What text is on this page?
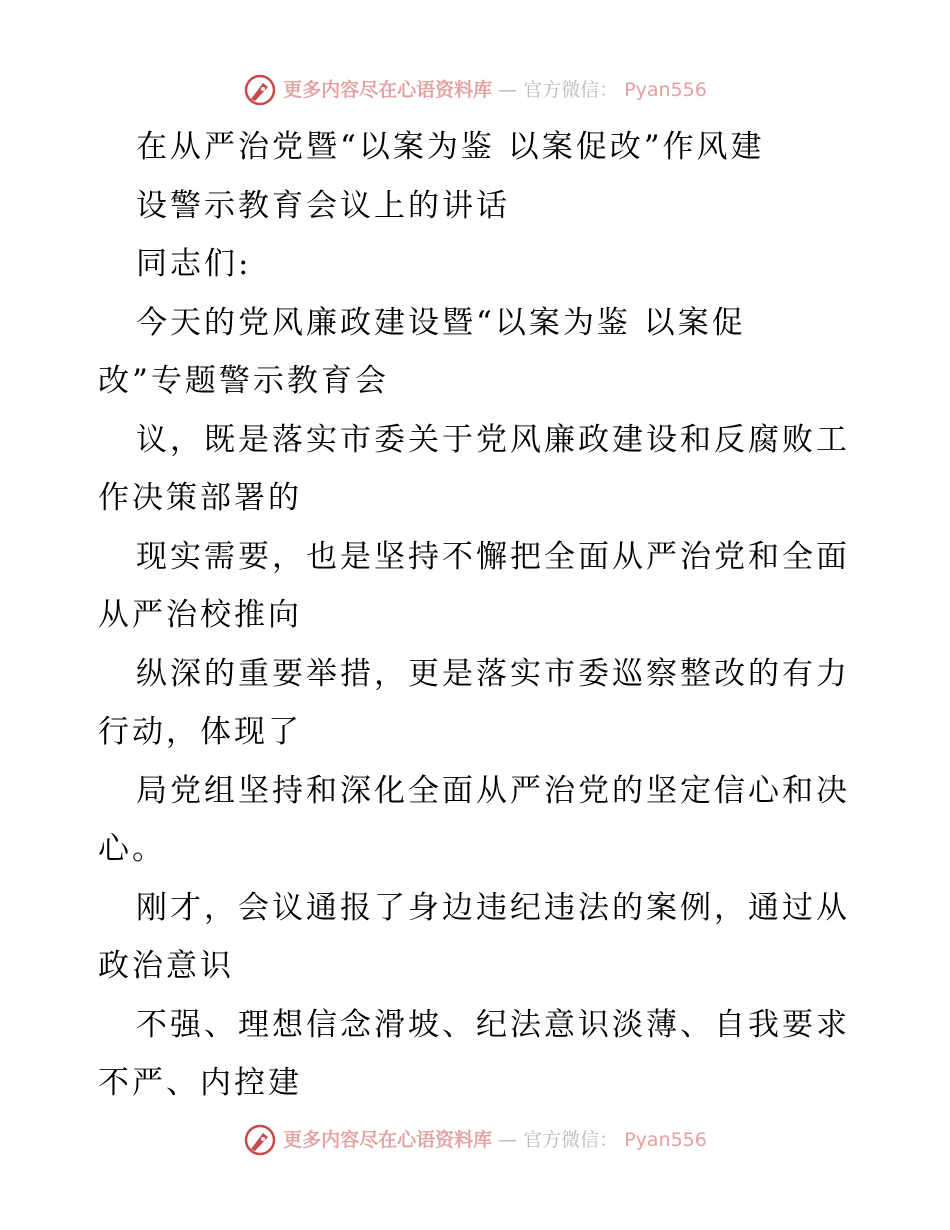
更多内容尽在心语资料库 — 官方微信： Pyan556
在从严治党暨“以案为鉴 以案促改”作风建
设警示教育会议上的讲话
同志们:
今天的党风廉政建设暨“以案为鉴 以案促
改”专题警示教育会
议，既是落实市委关于党风廉政建设和反腐败工
作决策部署的
现实需要，也是坚持不懈把全面从严治党和全面
从严治校推向
纵深的重要举措，更是落实市委巡察整改的有力
行动，体现了
局党组坚持和深化全面从严治党的坚定信心和决
心。
刚才，会议通报了身边违纪违法的案例，通过从
政治意识
不强、理想信念滑坡、纪法意识淡薄、自我要求
不严、内控建
更多内容尽在心语资料库 — 官方微信： Pyan556
